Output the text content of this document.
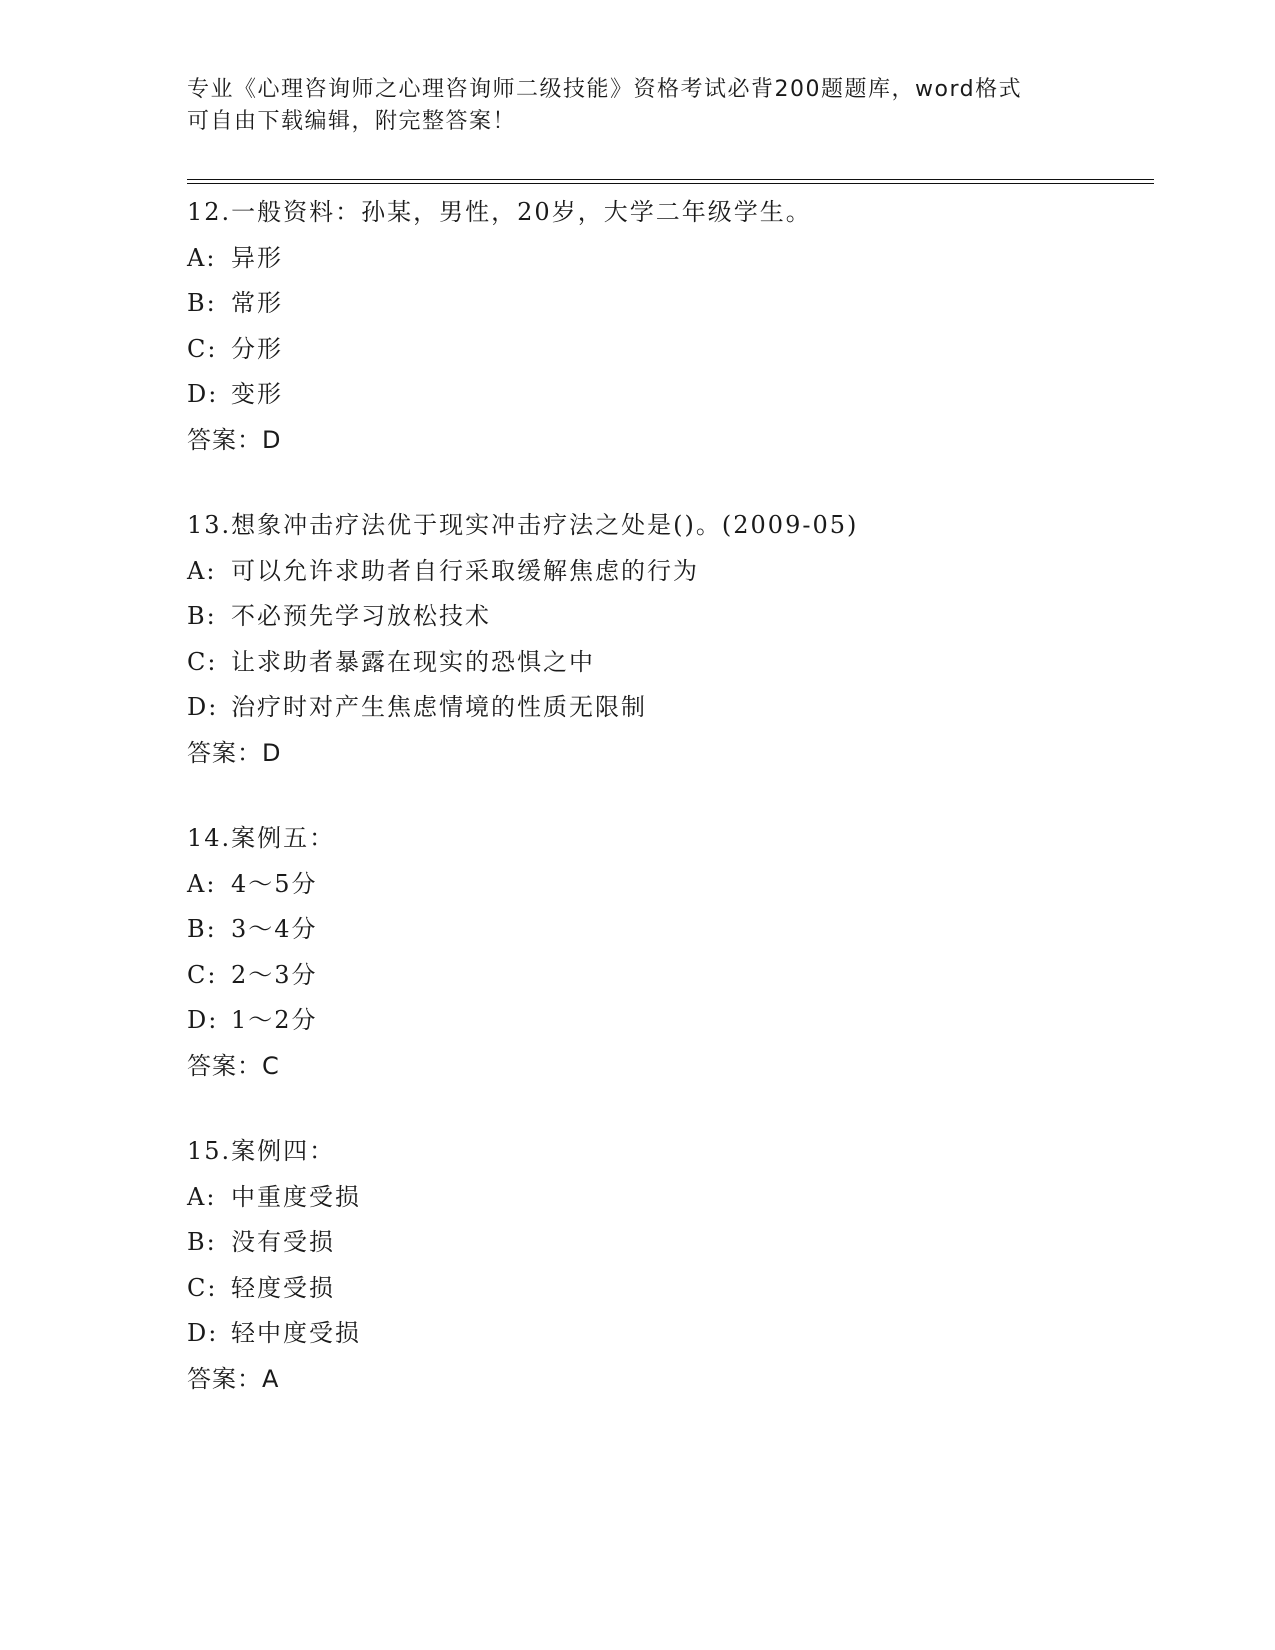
专业《心理咨询师之心理咨询师二级技能》资格考试必背200题题库，word格式
可自由下载编辑，附完整答案！
12.一般资料：孙某，男性，20岁，大学二年级学生。
A: 异形
B: 常形
C: 分形
D: 变形
答案：D
13.想象冲击疗法优于现实冲击疗法之处是()。(2009-05)
A: 可以允许求助者自行采取缓解焦虑的行为
B: 不必预先学习放松技术
C: 让求助者暴露在现实的恐惧之中
D: 治疗时对产生焦虑情境的性质无限制
答案：D
14.案例五：
A: 4～5分
B: 3～4分
C: 2～3分
D: 1～2分
答案：C
15.案例四：
A: 中重度受损
B: 没有受损
C: 轻度受损
D: 轻中度受损
答案：A
